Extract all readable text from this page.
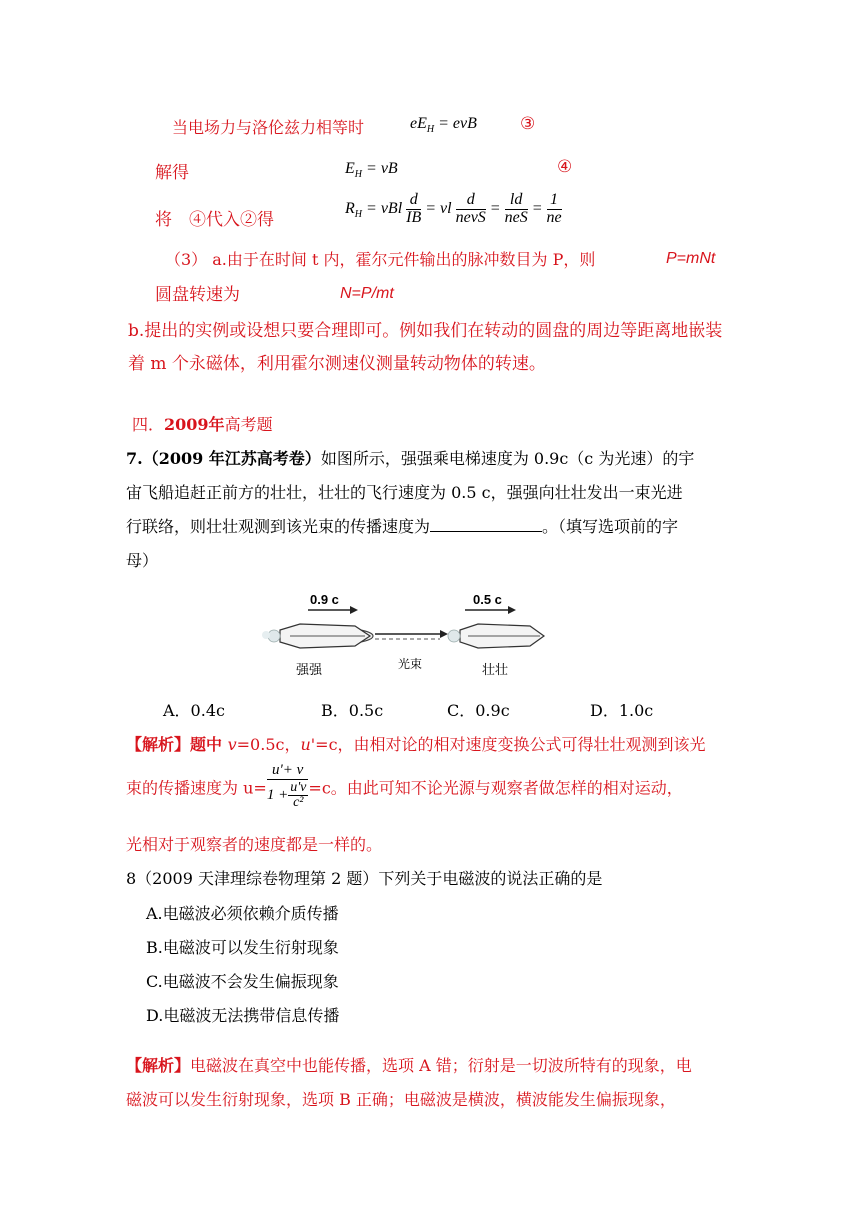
当电场力与洛伦兹力相等时	$eE_H$ = evB	③
解得	$E_H$ = vB	④
将　④代入②得
$R_H$ = vBl $\frac{d}{IB}$ = vl $\frac{d}{\text{nevS}} = \frac{ld}{\text{neS}} = \frac{1}{ne}$
（3） a.由于在时间 t 内，霍尔元件输出的脉冲数目为 P，则	P=mNt
圆盘转速为	N=P/mt
b.提出的实例或设想只要合理即可。例如我们在转动的圆盘的周边等距离地嵌装
着 m 个永磁体，利用霍尔测速仪测量转动物体的转速。
四．2009年高考题
7.（2009 年江苏高考卷）如图所示，强强乘电梯速度为 0.9c（c 为光速）的宇
宙飞船追赶正前方的壮壮，壮壮的飞行速度为 0.5 c，强强向壮壮发出一束光进
行联络，则壮壮观测到该光束的传播速度为	。（填写选项前的字
母）
0.9 c	0.5 c
强强	光束	壮壮
A．0.4c	B．0.5c	C．0.9c	D．1.0c
【解析】题中 v=0.5c，u'=c，由相对论的相对速度变换公式可得壮壮观测到该光
束的传播速度为 $u= \frac{u'+ v}{1 + \frac{u'v}{\text{c²}}} =c$。由此可知不论光源与观察者做怎样的相对运动，
光相对于观察者的速度都是一样的。
8（2009 天津理综卷物理第 2 题）下列关于电磁波的说法正确的是
A.电磁波必须依赖介质传播
B.电磁波可以发生衍射现象
C.电磁波不会发生偏振现象
D.电磁波无法携带信息传播
【解析】电磁波在真空中也能传播，选项 A 错；衍射是一切波所特有的现象，电
磁波可以发生衍射现象，选项 B 正确；电磁波是横波，横波能发生偏振现象，
